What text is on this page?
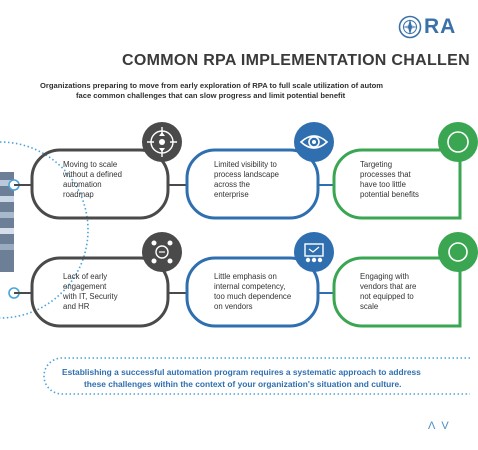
RA
COMMON RPA IMPLEMENTATION CHALLEN
Organizations preparing to move from early exploration of RPA to full scale utilization of autom
face common challenges that can slow progress and limit potential benefit
Moving to scale
without a defined
automation
roadmap
Limited visibility to
process landscape
across the
enterprise
Targeting
processes that
have too little
potential benefits
Lack of early
engagement
with IT, Security
and HR
Little emphasis on
internal competency,
too much dependence
on vendors
Engaging with
vendors that are
not equipped to
scale
Establishing a successful automation program requires a systematic approach to address
these challenges within the context of your organization's situation and culture.
ΛV
